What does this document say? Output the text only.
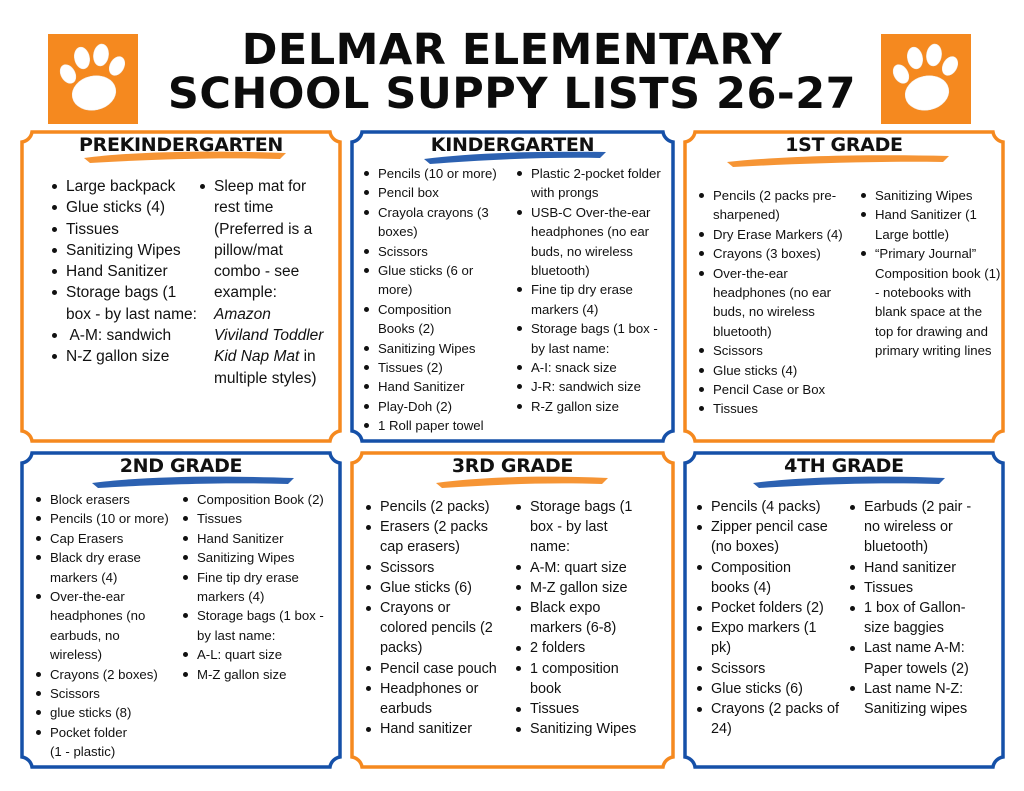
DELMAR ELEMENTARY
SCHOOL SUPPY LISTS 26-27
PREKINDERGARTEN
Large backpack
Glue sticks (4)
Tissues
Sanitizing Wipes
Hand Sanitizer
Storage bags (1 box - by last name:
A-M: sandwich
N-Z gallon size
Sleep mat for rest time (Preferred is a pillow/mat combo - see example: Amazon Viviland Toddler Kid Nap Mat in multiple styles)
KINDERGARTEN
Pencils (10 or more)
Pencil box
Crayola crayons (3 boxes)
Scissors
Glue sticks (6 or more)
Composition Books (2)
Sanitizing Wipes
Tissues (2)
Hand Sanitizer
Play-Doh (2)
1 Roll paper towel
Plastic 2-pocket folder with prongs
USB-C Over-the-ear headphones (no ear buds, no wireless bluetooth)
Fine tip dry erase markers (4)
Storage bags (1 box - by last name:
A-I: snack size
J-R: sandwich size
R-Z gallon size
1ST GRADE
Pencils (2 packs pre-sharpened)
Dry Erase Markers (4)
Crayons (3 boxes)
Over-the-ear headphones (no ear buds, no wireless bluetooth)
Scissors
Glue sticks (4)
Pencil Case or Box
Tissues
Sanitizing Wipes
Hand Sanitizer (1 Large bottle)
“Primary Journal” Composition book (1) - notebooks with blank space at the top for drawing and primary writing lines
2ND GRADE
Block erasers
Pencils (10 or more)
Cap Erasers
Black dry erase markers (4)
Over-the-ear headphones (no earbuds, no wireless)
Crayons (2 boxes)
Scissors
glue sticks (8)
Pocket folder (1 - plastic)
Composition Book (2)
Tissues
Hand Sanitizer
Sanitizing Wipes
Fine tip dry erase markers (4)
Storage bags (1 box - by last name:
A-L: quart size
M-Z gallon size
3RD GRADE
Pencils (2 packs)
Erasers (2 packs cap erasers)
Scissors
Glue sticks (6)
Crayons or colored pencils (2 packs)
Pencil case pouch
Headphones or earbuds
Hand sanitizer
Storage bags (1 box - by last name:
A-M: quart size
M-Z gallon size
Black expo markers (6-8)
2 folders
1 composition book
Tissues
Sanitizing Wipes
4TH GRADE
Pencils (4 packs)
Zipper pencil case (no boxes)
Composition books (4)
Pocket folders (2)
Expo markers (1 pk)
Scissors
Glue sticks (6)
Crayons (2 packs of 24)
Earbuds (2 pair - no wireless or bluetooth)
Hand sanitizer
Tissues
1 box of Gallon-size baggies
Last name A-M: Paper towels (2)
Last name N-Z: Sanitizing wipes
